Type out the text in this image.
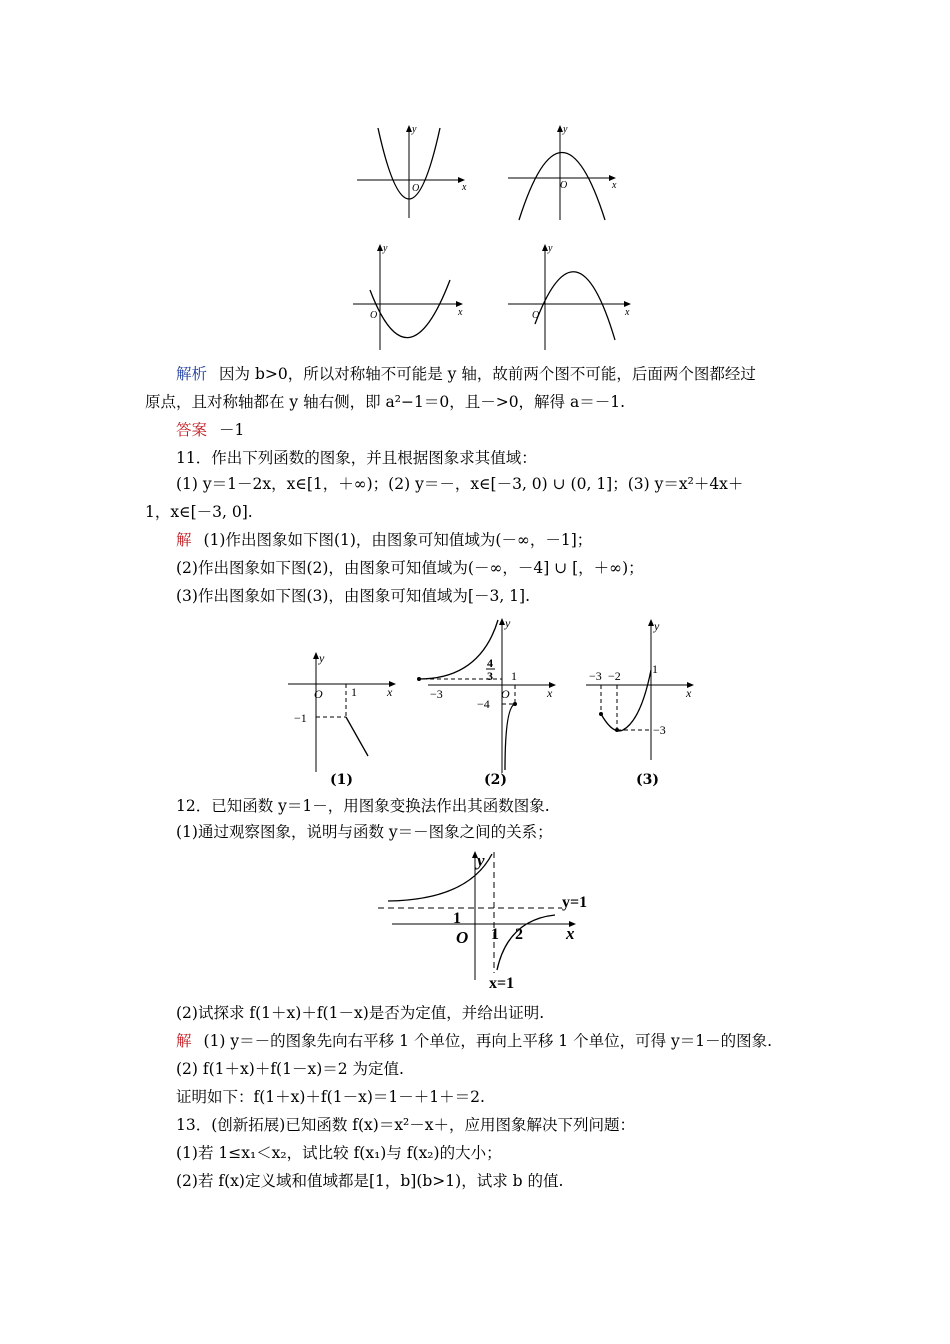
y
x
O
y
x
O
y
x
O
y
x
O
解析 因为 b>0，所以对称轴不可能是 y 轴，故前两个图不可能，后面两个图都经过
原点，且对称轴都在 y 轴右侧，即 a²−1＝0，且－>0，解得 a＝－1.
答案 －1
11．作出下列函数的图象，并且根据图象求其值域：
(1) y＝1－2x，x∈[1，＋∞)；(2) y＝－，x∈[－3, 0) ∪ (0, 1]；(3) y＝x²＋4x＋
1，x∈[－3, 0].
解 (1)作出图象如下图(1)，由图象可知值域为(－∞，－1]；
(2)作出图象如下图(2)，由图象可知值域为(－∞，－4] ∪ [，＋∞)；
(3)作出图象如下图(3)，由图象可知值域为[－3, 1].
y
x
O 1
−1
y
x
O
−3
4
3 1
−4
y
x
−3 −2	1
−3
(1)	(2)	(3)
12．已知函数 y＝1－，用图象变换法作出其函数图象.
(1)通过观察图象，说明与函数 y＝－图象之间的关系；
y
x
O
1
1 2
y=1
x=1
(2)试探求 f(1＋x)＋f(1－x)是否为定值，并给出证明.
解 (1) y＝－的图象先向右平移 1 个单位，再向上平移 1 个单位，可得 y＝1－的图象.
(2) f(1＋x)＋f(1－x)＝2 为定值.
证明如下：f(1＋x)＋f(1－x)＝1－＋1＋＝2.
13．(创新拓展)已知函数 f(x)＝x²－x＋，应用图象解决下列问题：
(1)若 1≤x₁＜x₂，试比较 f(x₁)与 f(x₂)的大小；
(2)若 f(x)定义域和值域都是[1，b](b>1)，试求 b 的值.
